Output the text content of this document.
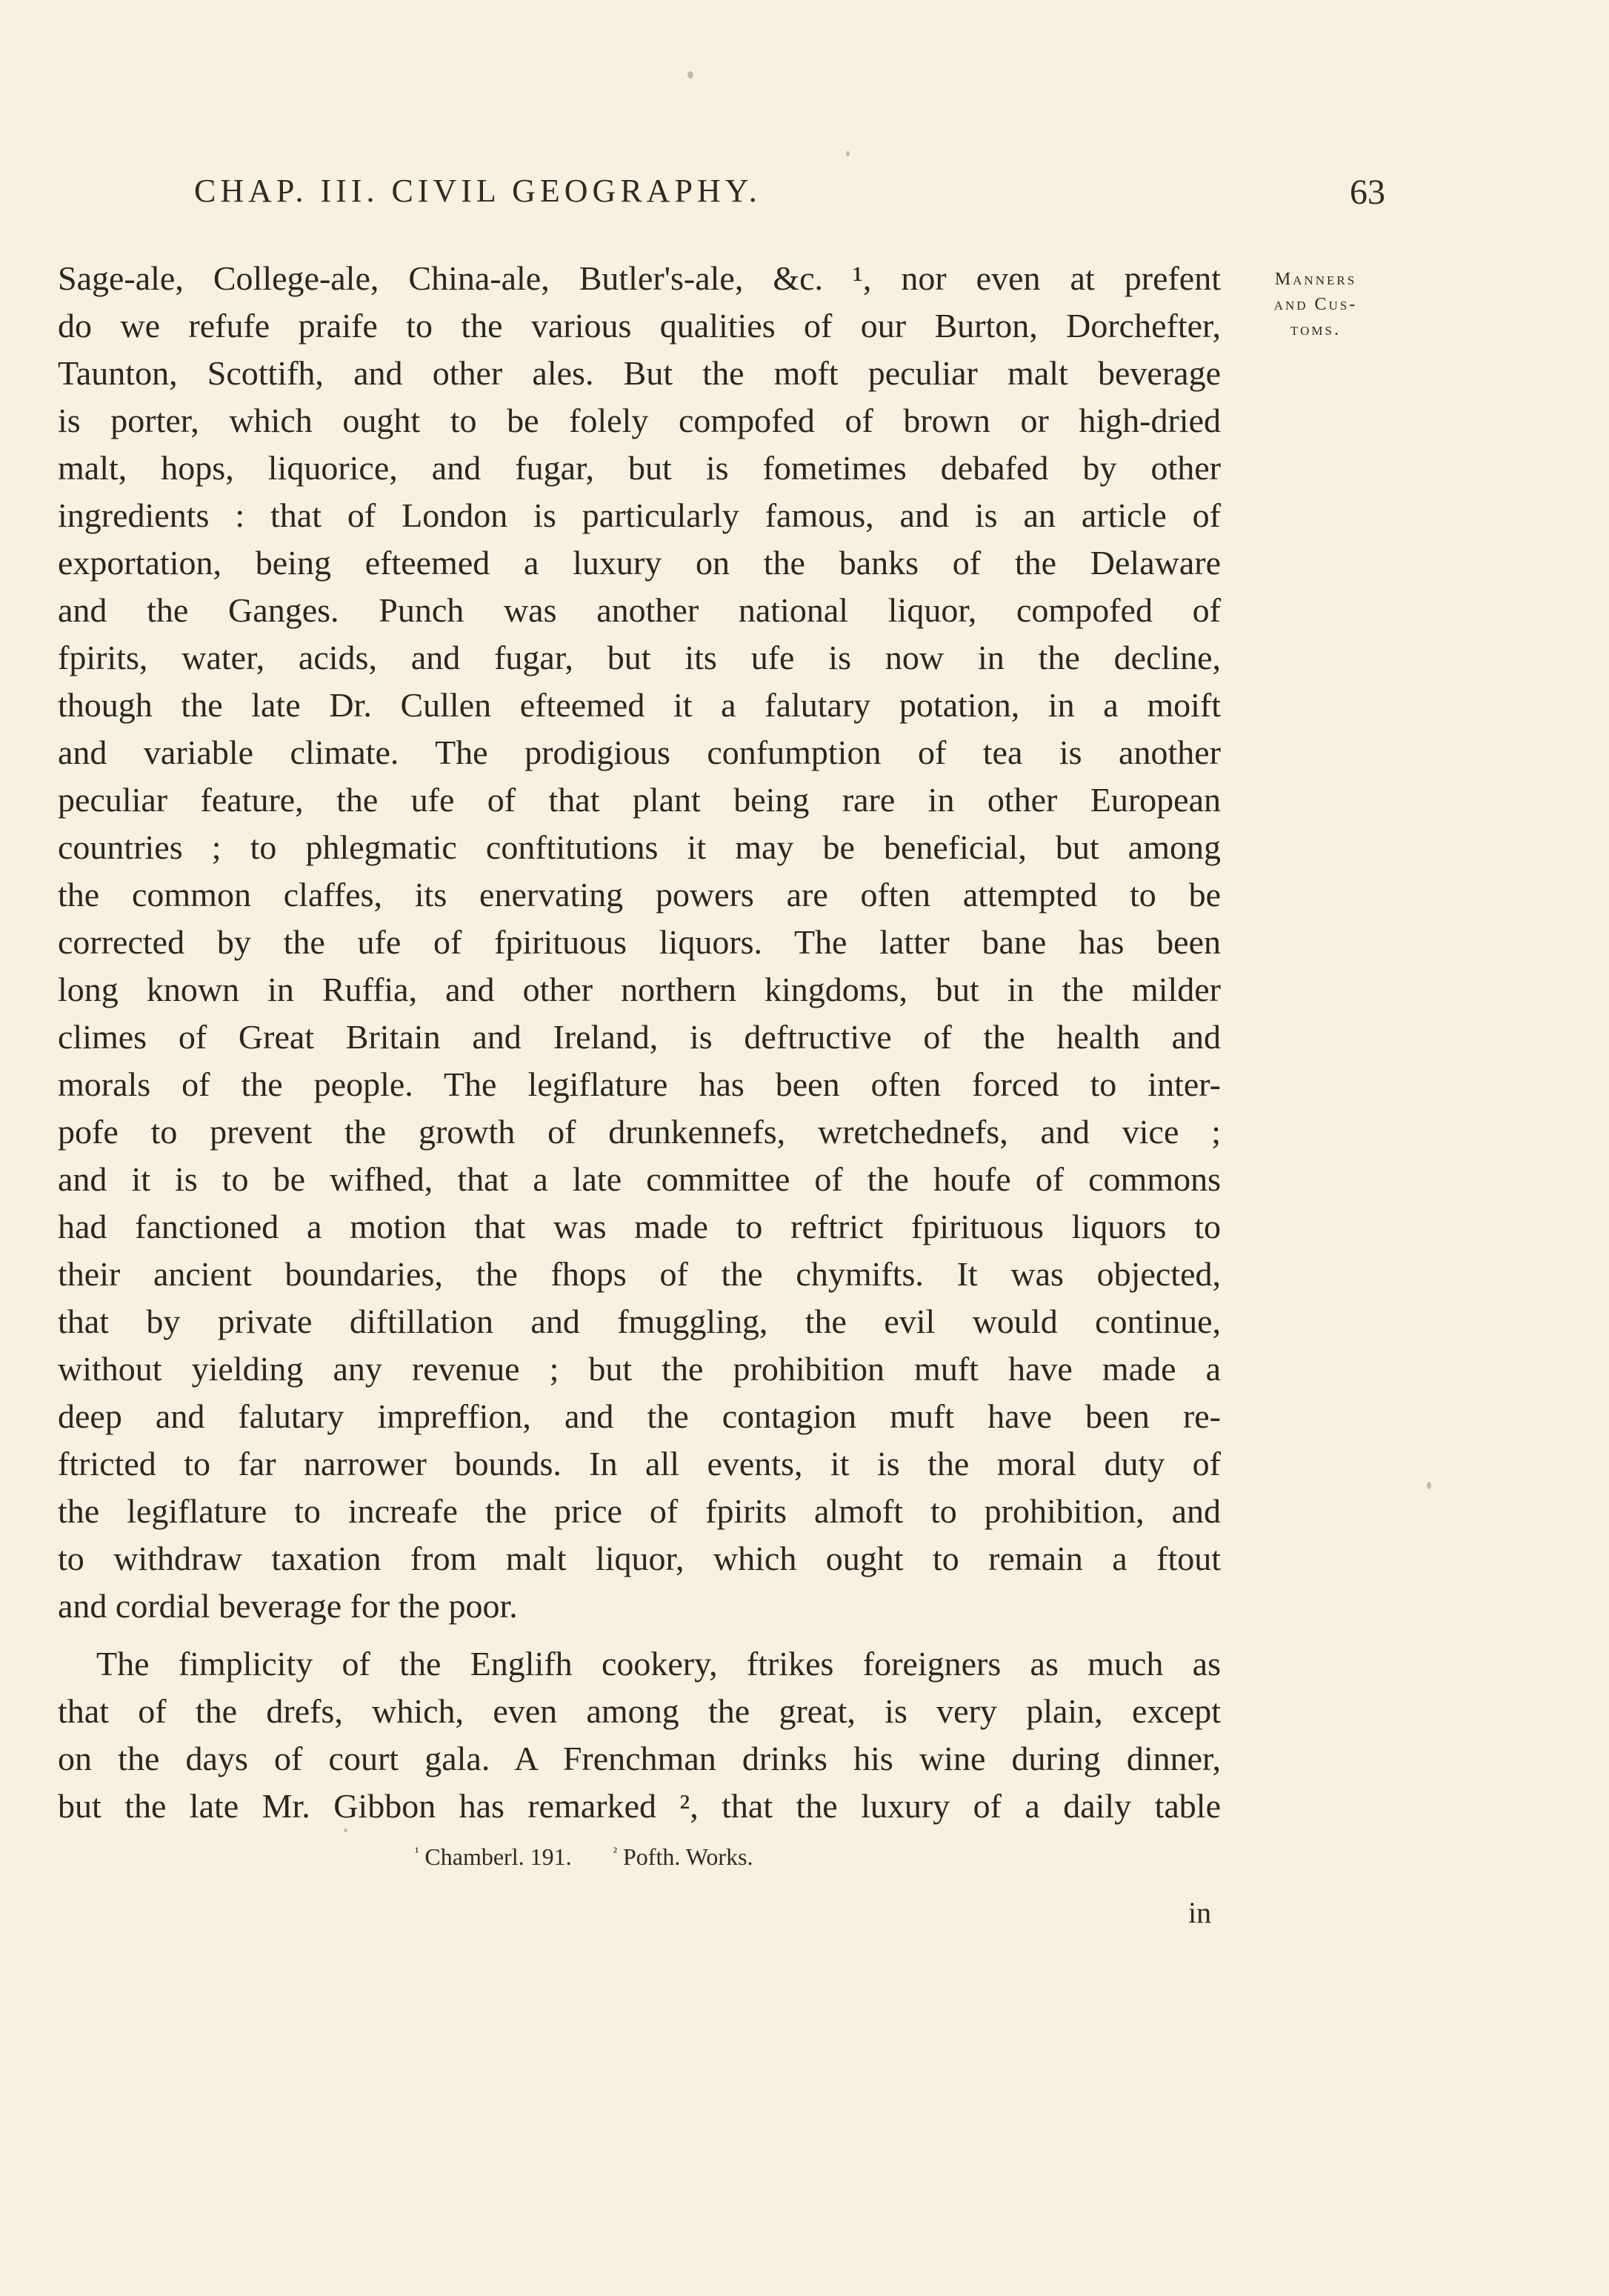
CHAP. III. CIVIL GEOGRAPHY.	63
Manners
and Cus-
toms.
Sage-ale, College-ale, China-ale, Butler's-ale, &c. ¹, nor even at prefent
do we refufe praife to the various qualities of our Burton, Dorchefter,
Taunton, Scottifh, and other ales. But the moft peculiar malt beverage
is porter, which ought to be folely compofed of brown or high-dried
malt, hops, liquorice, and fugar, but is fometimes debafed by other
ingredients : that of London is particularly famous, and is an article of
exportation, being efteemed a luxury on the banks of the Delaware
and the Ganges. Punch was another national liquor, compofed of
fpirits, water, acids, and fugar, but its ufe is now in the decline,
though the late Dr. Cullen efteemed it a falutary potation, in a moift
and variable climate. The prodigious confumption of tea is another
peculiar feature, the ufe of that plant being rare in other European
countries ; to phlegmatic conftitutions it may be beneficial, but among
the common claffes, its enervating powers are often attempted to be
corrected by the ufe of fpirituous liquors. The latter bane has been
long known in Ruffia, and other northern kingdoms, but in the milder
climes of Great Britain and Ireland, is deftructive of the health and
morals of the people. The legiflature has been often forced to inter-
pofe to prevent the growth of drunkennefs, wretchednefs, and vice ;
and it is to be wifhed, that a late committee of the houfe of commons
had fanctioned a motion that was made to reftrict fpirituous liquors to
their ancient boundaries, the fhops of the chymifts. It was objected,
that by private diftillation and fmuggling, the evil would continue,
without yielding any revenue ; but the prohibition muft have made a
deep and falutary impreffion, and the contagion muft have been re-
ftricted to far narrower bounds. In all events, it is the moral duty of
the legiflature to increafe the price of fpirits almoft to prohibition, and
to withdraw taxation from malt liquor, which ought to remain a ftout
and cordial beverage for the poor.
The fimplicity of the Englifh cookery, ftrikes foreigners as much as
that of the drefs, which, even among the great, is very plain, except
on the days of court gala. A Frenchman drinks his wine during dinner,
but the late Mr. Gibbon has remarked ², that the luxury of a daily table
$^{^1}$ Chamberl. 191.	$^{^2}$ Pofth. Works.
in
